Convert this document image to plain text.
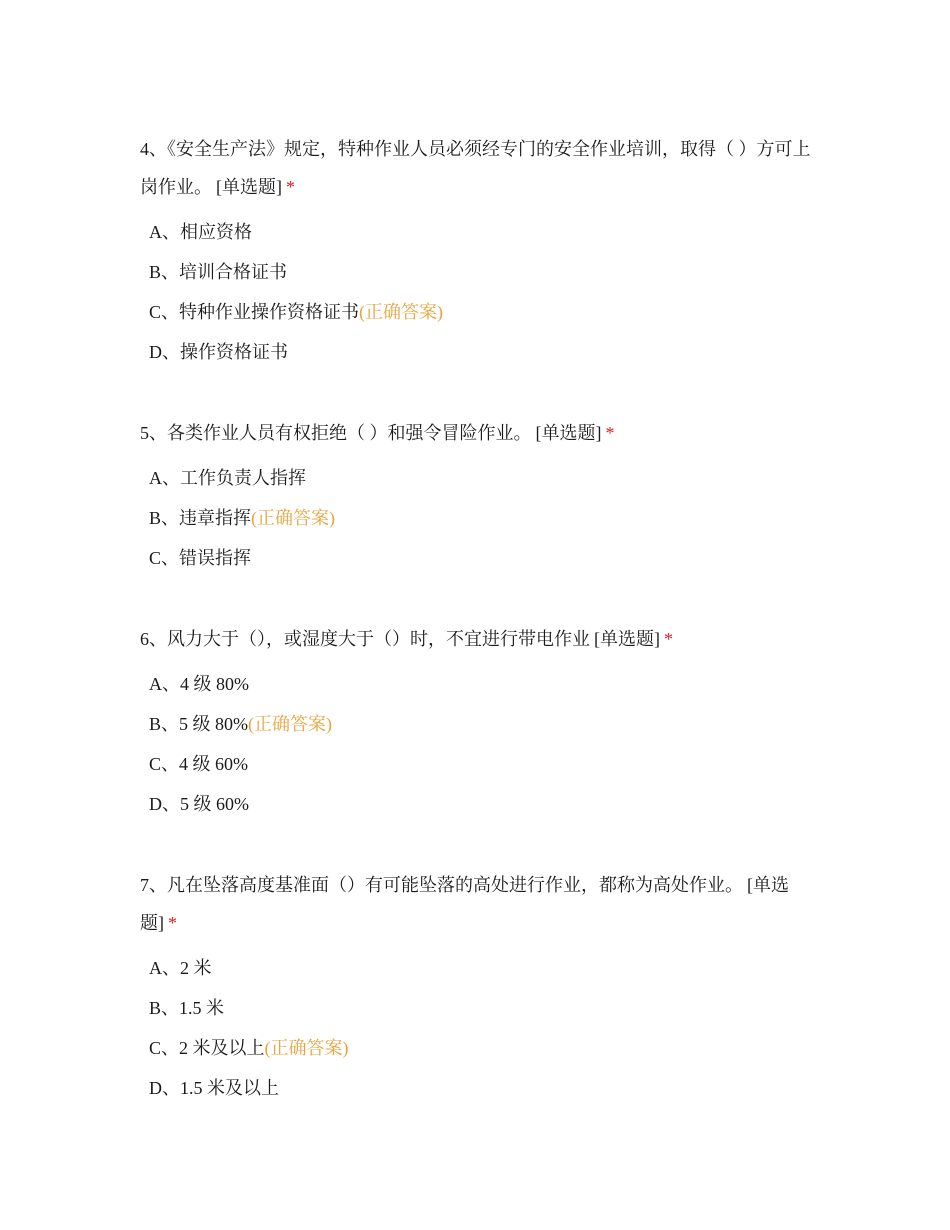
4、《安全生产法》规定，特种作业人员必须经专门的安全作业培训，取得（ ）方可上岗作业。 [单选题] *
A、相应资格
B、培训合格证书
C、特种作业操作资格证书(正确答案)
D、操作资格证书
5、各类作业人员有权拒绝（ ）和强令冒险作业。 [单选题] *
A、工作负责人指挥
B、违章指挥(正确答案)
C、错误指挥
6、风力大于（），或湿度大于（）时，不宜进行带电作业 [单选题] *
A、4 级 80%
B、5 级 80%(正确答案)
C、4 级 60%
D、5 级 60%
7、凡在坠落高度基准面（）有可能坠落的高处进行作业，都称为高处作业。 [单选题] *
A、2 米
B、1.5 米
C、2 米及以上(正确答案)
D、1.5 米及以上
